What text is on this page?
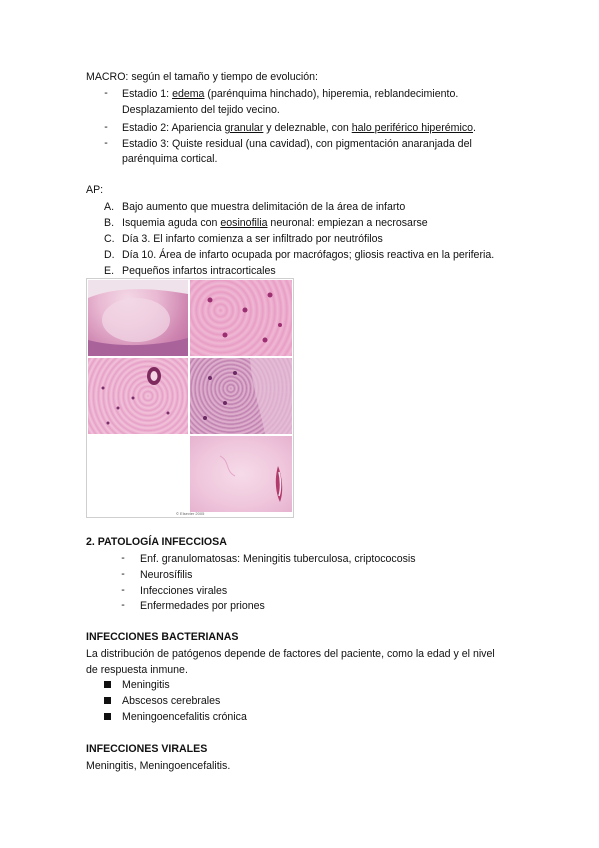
MACRO: según el tamaño y tiempo de evolución:
-	Estadio 1: edema (parénquima hinchado), hiperemia, reblandecimiento.
Desplazamiento del tejido vecino.
-	Estadio 2: Apariencia granular y deleznable, con halo periférico hiperémico.
-	Estadio 3: Quiste residual (una cavidad), con pigmentación anaranjada del
parénquima cortical.
AP:
A. Bajo aumento que muestra delimitación de la área de infarto
B. Isquemia aguda con eosinofilia neuronal: empiezan a necrosarse
C. Día 3. El infarto comienza a ser infiltrado por neutrófilos
D. Día 10. Área de infarto ocupada por macrófagos; gliosis reactiva en la periferia.
E. Pequeños infartos intracorticales
© Elsevier 2005
2. PATOLOGÍA INFECCIOSA
-	Enf. granulomatosas: Meningitis tuberculosa, criptococosis
-	Neurosífilis
-	Infecciones virales
-	Enfermedades por priones
INFECCIONES BACTERIANAS
La distribución de patógenos depende de factores del paciente, como la edad y el nivel
de respuesta inmune.
Meningitis
Abscesos cerebrales
Meningoencefalitis crónica
INFECCIONES VIRALES
Meningitis, Meningoencefalitis.
